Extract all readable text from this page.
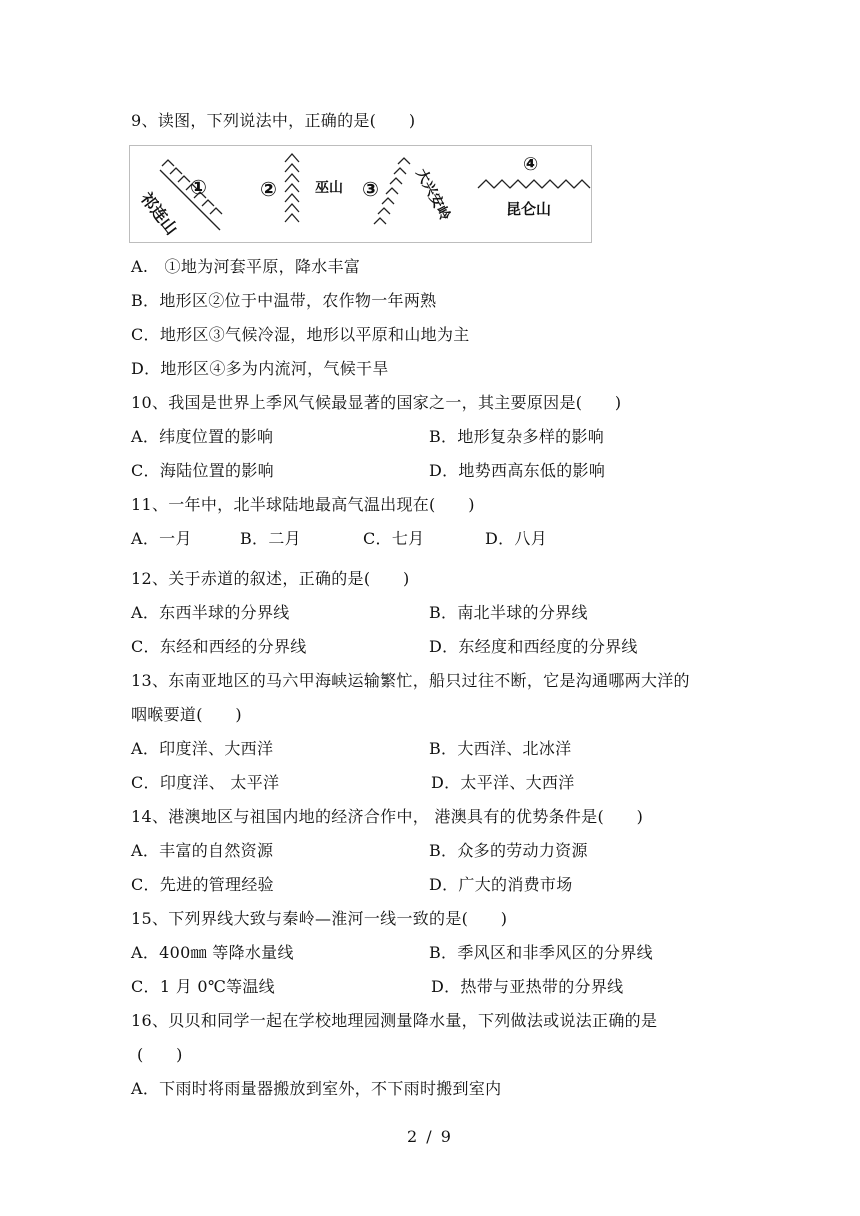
9、读图，下列说法中，正确的是(　　)
祁连山
①	②	巫山 ③ 大兴安岭
④
昆仑山
A.　①地为河套平原，降水丰富
B．地形区②位于中温带，农作物一年两熟
C．地形区③气候冷湿，地形以平原和山地为主
D．地形区④多为内流河，气候干旱
10、我国是世界上季风气候最显著的国家之一，其主要原因是(　　)
A．纬度位置的影响	B．地形复杂多样的影响
C．海陆位置的影响	D．地势西高东低的影响
11、一年中，北半球陆地最高气温出现在(　　)
A．一月	B．二月	C．七月	D．八月
12、关于赤道的叙述，正确的是(　　)
A．东西半球的分界线	B．南北半球的分界线
C．东经和西经的分界线	D．东经度和西经度的分界线
13、东南亚地区的马六甲海峡运输繁忙，船只过往不断，它是沟通哪两大洋的
咽喉要道(　　)
A．印度洋、大西洋	B．大西洋、北冰洋
C．印度洋、 太平洋	D．太平洋、大西洋
14、港澳地区与祖国内地的经济合作中， 港澳具有的优势条件是(　　)
A．丰富的自然资源	B．众多的劳动力资源
C．先进的管理经验	D．广大的消费市场
15、下列界线大致与秦岭—淮河一线一致的是(　　)
A．400㎜ 等降水量线	B．季风区和非季风区的分界线
C．1 月 0℃等温线	D．热带与亚热带的分界线
16、贝贝和同学一起在学校地理园测量降水量，下列做法或说法正确的是
(　　)
A．下雨时将雨量器搬放到室外，不下雨时搬到室内
2 / 9
